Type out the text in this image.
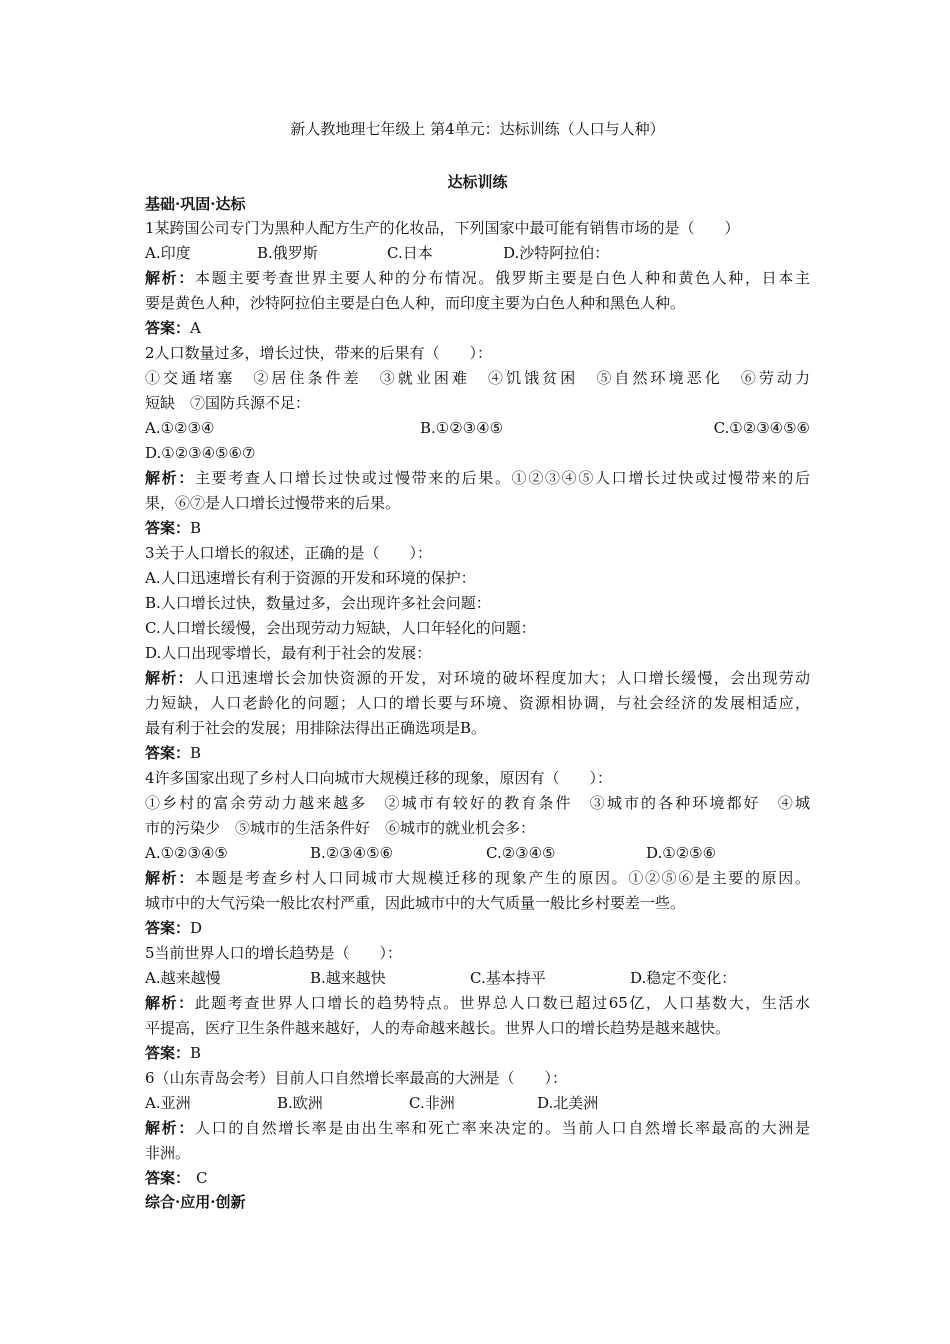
新人教地理七年级上 第4单元：达标训练（人口与人种）
达标训练
基础·巩固·达标
1某跨国公司专门为黑种人配方生产的化妆品，下列国家中最可能有销售市场的是（　　）
A.印度	B.俄罗斯	C.日本	D.沙特阿拉伯：
解析：本题主要考查世界主要人种的分布情况。俄罗斯主要是白色人种和黄色人种，日本主
要是黄色人种，沙特阿拉伯主要是白色人种，而印度主要为白色人种和黑色人种。
答案：A
2人口数量过多，增长过快，带来的后果有（　　）：
①交通堵塞　②居住条件差　③就业困难　④饥饿贫困　⑤自然环境恶化　⑥劳动力
短缺　⑦国防兵源不足：
A.①②③④	B.①②③④⑤	C.①②③④⑤⑥
D.①②③④⑤⑥⑦
解析：主要考查人口增长过快或过慢带来的后果。①②③④⑤人口增长过快或过慢带来的后
果，⑥⑦是人口增长过慢带来的后果。
答案：B
3关于人口增长的叙述，正确的是（　　）：
A.人口迅速增长有利于资源的开发和环境的保护：
B.人口增长过快，数量过多，会出现许多社会问题：
C.人口增长缓慢，会出现劳动力短缺，人口年轻化的问题：
D.人口出现零增长，最有利于社会的发展：
解析：人口迅速增长会加快资源的开发，对环境的破坏程度加大；人口增长缓慢，会出现劳动
力短缺，人口老龄化的问题；人口的增长要与环境、资源相协调，与社会经济的发展相适应，
最有利于社会的发展；用排除法得出正确选项是B。
答案：B
4许多国家出现了乡村人口向城市大规模迁移的现象，原因有（　　）：
①乡村的富余劳动力越来越多　②城市有较好的教育条件　③城市的各种环境都好　④城
市的污染少　⑤城市的生活条件好　⑥城市的就业机会多：
A.①②③④⑤	B.②③④⑤⑥	C.②③④⑤	D.①②⑤⑥
解析：本题是考查乡村人口同城市大规模迁移的现象产生的原因。①②⑤⑥是主要的原因。
城市中的大气污染一般比农村严重，因此城市中的大气质量一般比乡村要差一些。
答案：D
5当前世界人口的增长趋势是（　　）：
A.越来越慢	B.越来越快	C.基本持平	D.稳定不变化：
解析：此题考查世界人口增长的趋势特点。世界总人口数已超过65亿，人口基数大，生活水
平提高，医疗卫生条件越来越好，人的寿命越来越长。世界人口的增长趋势是越来越快。
答案：B
6（山东青岛会考）目前人口自然增长率最高的大洲是（　　）：
A.亚洲	B.欧洲	C.非洲	D.北美洲
解析：人口的自然增长率是由出生率和死亡率来决定的。当前人口自然增长率最高的大洲是
非洲。
答案： C
综合·应用·创新
